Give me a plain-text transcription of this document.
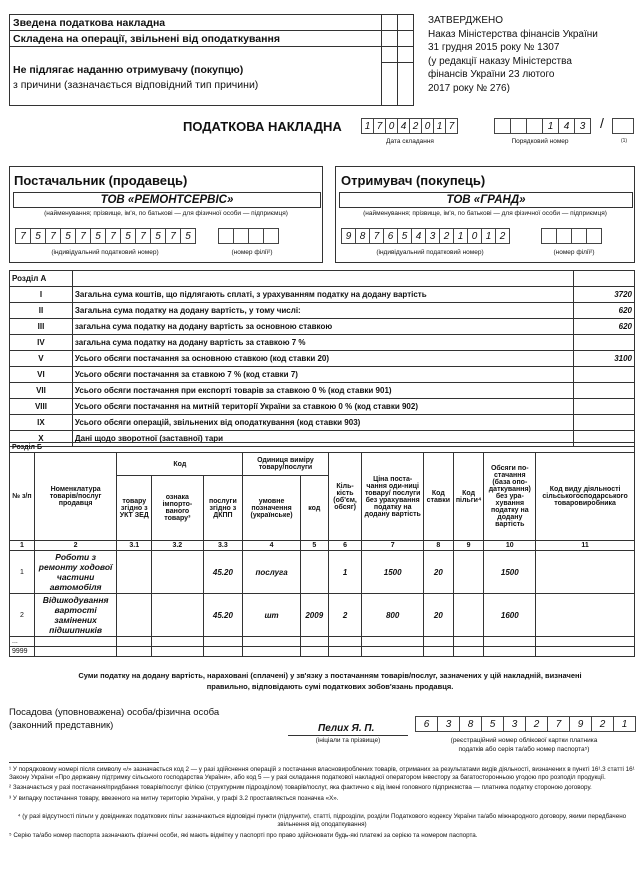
Зведена податкова накладна
Складена на операції, звільнені від оподаткування
Не підлягає наданню отримувачу (покупцю)
з причини (зазначається відповідний тип причини)
ЗАТВЕРДЖЕНО
Наказ Міністерства фінансів України
31 грудня 2015 року № 1307
(у редакції наказу Міністерства
фінансів України 23 лютого
2017 року № 276)
ПОДАТКОВА НАКЛАДНА	1 7 0 4 2 0 1 7
Дата складання
1	4	3	/
Порядковий номер	(1)
Постачальник (продавець)
ТОВ «РЕМОНТСЕРВІС»
(найменування; прізвище, ім'я, по батькові — для фізичної особи — підприємця)
7 5 7 5 7 5 7 5 7 5 7 5
(індивідуальний податковий номер)	(номер філії²)
Отримувач (покупець)
ТОВ «ГРАНД»
(найменування; прізвище, ім'я, по батькові — для фізичної особи — підприємця)
9 8 7 6 5 4 3 2 1 0 1 2
(індивідуальний податковий номер)	(номер філії²)
Розділ А		
I	Загальна сума коштів, що підлягають сплаті, з урахуванням податку на додану вартість	3720
II	Загальна сума податку на додану вартість, у тому числі:	620
III	загальна сума податку на додану вартість за основною ставкою	620
IV	загальна сума податку на додану вартість за ставкою 7 %	
V	Усього обсяги постачання за основною ставкою (код ставки 20)	3100
VI	Усього обсяги постачання за ставкою 7 % (код ставки 7)	
VII	Усього обсяги постачання при експорті товарів за ставкою 0 % (код ставки 901)	
VIII	Усього обсяги постачання на митній території України за ставкою 0 % (код ставки 902)	
IX	Усього обсяги операцій, звільнених від оподаткування (код ставки 903)	
X	Дані щодо зворотної (заставної) тари	
Розділ Б												
№ з/п	Номенклатура товарів/послуг продавця	Код			Одиниця виміру товару/послуги		Кіль-кість (об'єм, обсяг)	Ціна поста-чання оди-ниці товару/ послуги без урахування податку на додану вартість	Код ставки	Код пільги⁴	Обсяги по-стачання (база опо-даткування) без ура-хування податку на додану вартість	Код виду діяльності сільськогосподарського товаровиробника
		товару згідно з УКТ ЗЕД	ознака імпорто-ваного товару³	послуги згідно з ДКПП	умовне позначення (українське)	код						
1	2	3.1	3.2	3.3	4	5	6	7	8	9	10	11
1	Роботи з ремонту ходової частини автомобіля			45.20	послуга		1	1500	20		1500	
2	Відшкодування вартості замінених підшипників			45.20	шт	2009	2	800	20		1600	
...												
9999												
Суми податку на додану вартість, нараховані (сплачені) у зв'язку з постачанням товарів/послуг, зазначених у цій накладній, визначені правильно, відповідають сумі податкових зобов'язань продавця.
Посадова (уповноважена) особа/фізична особа
(законний представник)	Пелих Я. П.
(ініціали та прізвище)
6	3	8	5	3	2	7	9	2	1
(реєстраційний номер облікової картки платника
податків або серія та/або номер паспорта⁵)
¹ У порядковому номері після символу «/» зазначається код 2 — у разі здійснення операцій з постачання власновироблених товарів, отриманих за результатами видів діяльності, визначених в пункті 16¹.3 статті 16¹ Закону України «Про державну підтримку сільського господарства України», або код 5 — у разі складання податкової накладної оператором інвестору за багатосторонньою угодою про розподіл продукції.
² Зазначається у разі постачання/придбання товарів/послуг філією (структурним підрозділом) товарів/послуг, яка фактично є від імені головного підприємства — платника податку стороною договору.
³ У випадку постачання товару, ввезеного на митну територію України, у графі 3.2 проставляється позначка «Х».
⁴ (у разі відсутності пільги у довідниках податкових пільг зазначаються відповідні пункти (підпункти), статті, підрозділи, розділи Податкового кодексу України та/або міжнародного договору, якими передбачено звільнення від оподаткування)
⁵ Серію та/або номер паспорта зазначають фізичні особи, які мають відмітку у паспорті про право здійснювати будь-які платежі за серією та номером паспорта.
